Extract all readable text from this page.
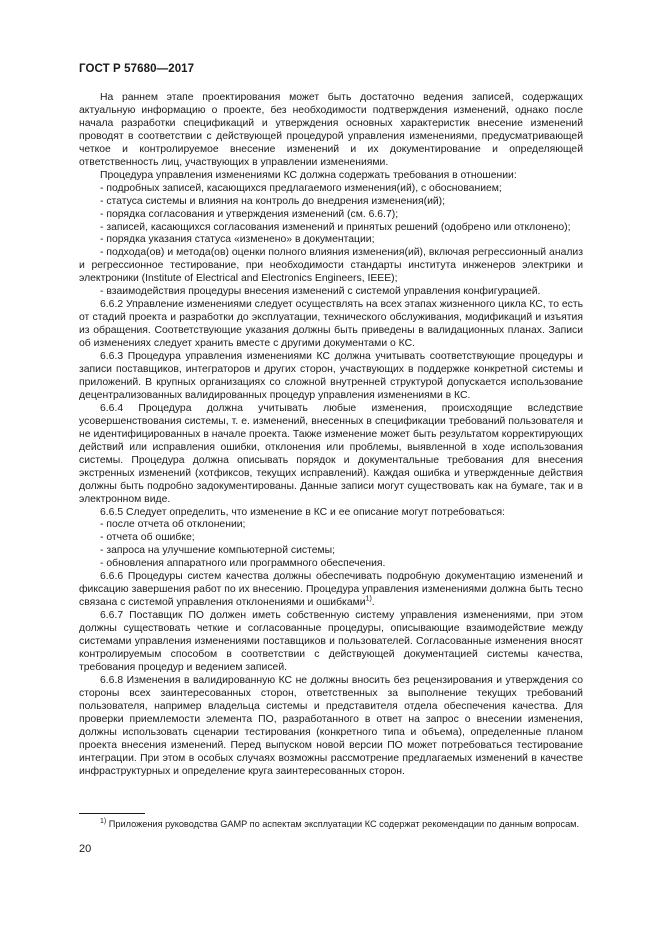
ГОСТ Р 57680—2017

На раннем этапе проектирования может быть достаточно ведения записей, содержащих актуальную информацию о проекте, без необходимости подтверждения изменений, однако после начала разработки спецификаций и утверждения основных характеристик внесение изменений проводят в соответствии с действующей процедурой управления изменениями, предусматривающей четкое и контролируемое внесение изменений и их документирование и определяющей ответственность лиц, участвующих в управлении изменениями.

Процедура управления изменениями КС должна содержать требования в отношении:

- подробных записей, касающихся предлагаемого изменения(ий), с обоснованием;

- статуса системы и влияния на контроль до внедрения изменения(ий);

- порядка согласования и утверждения изменений (см. 6.6.7);

- записей, касающихся согласования изменений и принятых решений (одобрено или отклонено);

- порядка указания статуса «изменено» в документации;

- подхода(ов) и метода(ов) оценки полного влияния изменения(ий), включая регрессионный анализ и регрессионное тестирование, при необходимости стандарты института инженеров электрики и электроники (Institute of Electrical and Electronics Engineers, IEEE);

- взаимодействия процедуры внесения изменений с системой управления конфигурацией.

6.6.2 Управление изменениями следует осуществлять на всех этапах жизненного цикла КС, то есть от стадий проекта и разработки до эксплуатации, технического обслуживания, модификаций и изъятия из обращения. Соответствующие указания должны быть приведены в валидационных планах. Записи об изменениях следует хранить вместе с другими документами о КС.

6.6.3 Процедура управления изменениями КС должна учитывать соответствующие процедуры и записи поставщиков, интеграторов и других сторон, участвующих в поддержке конкретной системы и приложений. В крупных организациях со сложной внутренней структурой допускается использование децентрализованных валидированных процедур управления изменениями в КС.

6.6.4 Процедура должна учитывать любые изменения, происходящие вследствие усовершенствования системы, т. е. изменений, внесенных в спецификации требований пользователя и не идентифицированных в начале проекта. Также изменение может быть результатом корректирующих действий или исправления ошибки, отклонения или проблемы, выявленной в ходе использования системы. Процедура должна описывать порядок и документальные требования для внесения экстренных изменений (хотфиксов, текущих исправлений). Каждая ошибка и утвержденные действия должны быть подробно задокументированы. Данные записи могут существовать как на бумаге, так и в электронном виде.

6.6.5 Следует определить, что изменение в КС и ее описание могут потребоваться:

- после отчета об отклонении;

- отчета об ошибке;

- запроса на улучшение компьютерной системы;

- обновления аппаратного или программного обеспечения.

6.6.6 Процедуры систем качества должны обеспечивать подробную документацию изменений и фиксацию завершения работ по их внесению. Процедура управления изменениями должна быть тесно связана с системой управления отклонениями и ошибками$^{1)}$.

6.6.7 Поставщик ПО должен иметь собственную систему управления изменениями, при этом должны существовать четкие и согласованные процедуры, описывающие взаимодействие между системами управления изменениями поставщиков и пользователей. Согласованные изменения вносят контролируемым способом в соответствии с действующей документацией системы качества, требования процедур и ведением записей.

6.6.8 Изменения в валидированную КС не должны вносить без рецензирования и утверждения со стороны всех заинтересованных сторон, ответственных за выполнение текущих требований пользователя, например владельца системы и представителя отдела обеспечения качества. Для проверки приемлемости элемента ПО, разработанного в ответ на запрос о внесении изменения, должны использовать сценарии тестирования (конкретного типа и объема), определенные планом проекта внесения изменений. Перед выпуском новой версии ПО может потребоваться тестирование интеграции. При этом в особых случаях возможны рассмотрение предлагаемых изменений в качестве инфраструктурных и определение круга заинтересованных сторон.

$^{1)}$ Приложения руководства GAMP по аспектам эксплуатации КС содержат рекомендации по данным вопросам.

20
